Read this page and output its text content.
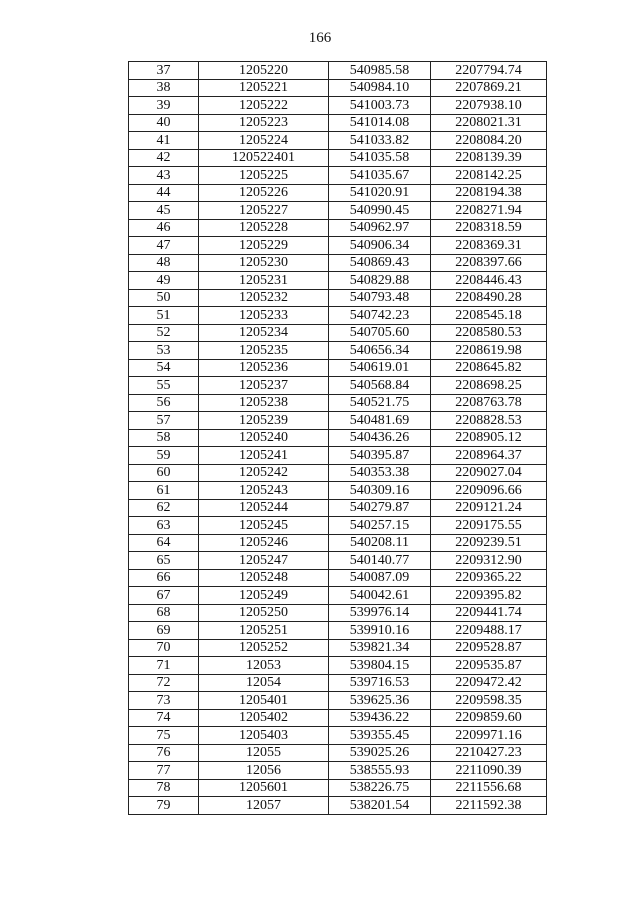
166
37	1205220	540985.58	2207794.74
38	1205221	540984.10	2207869.21
39	1205222	541003.73	2207938.10
40	1205223	541014.08	2208021.31
41	1205224	541033.82	2208084.20
42	120522401	541035.58	2208139.39
43	1205225	541035.67	2208142.25
44	1205226	541020.91	2208194.38
45	1205227	540990.45	2208271.94
46	1205228	540962.97	2208318.59
47	1205229	540906.34	2208369.31
48	1205230	540869.43	2208397.66
49	1205231	540829.88	2208446.43
50	1205232	540793.48	2208490.28
51	1205233	540742.23	2208545.18
52	1205234	540705.60	2208580.53
53	1205235	540656.34	2208619.98
54	1205236	540619.01	2208645.82
55	1205237	540568.84	2208698.25
56	1205238	540521.75	2208763.78
57	1205239	540481.69	2208828.53
58	1205240	540436.26	2208905.12
59	1205241	540395.87	2208964.37
60	1205242	540353.38	2209027.04
61	1205243	540309.16	2209096.66
62	1205244	540279.87	2209121.24
63	1205245	540257.15	2209175.55
64	1205246	540208.11	2209239.51
65	1205247	540140.77	2209312.90
66	1205248	540087.09	2209365.22
67	1205249	540042.61	2209395.82
68	1205250	539976.14	2209441.74
69	1205251	539910.16	2209488.17
70	1205252	539821.34	2209528.87
71	12053	539804.15	2209535.87
72	12054	539716.53	2209472.42
73	1205401	539625.36	2209598.35
74	1205402	539436.22	2209859.60
75	1205403	539355.45	2209971.16
76	12055	539025.26	2210427.23
77	12056	538555.93	2211090.39
78	1205601	538226.75	2211556.68
79	12057	538201.54	2211592.38
